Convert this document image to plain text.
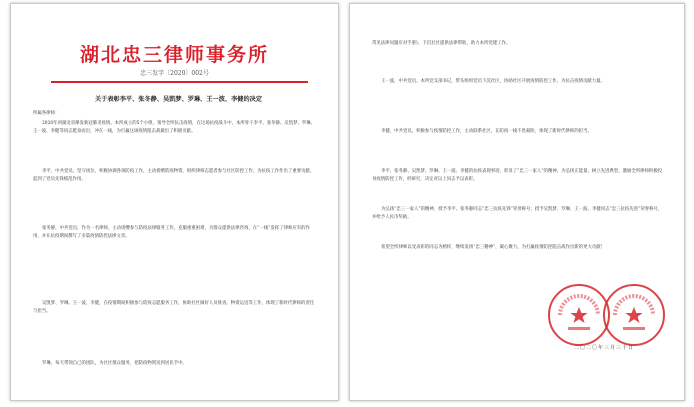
湖北忠三律师事务所
忠三发字〔2020〕002号
关于表彰李平、张冬静、吴凯梦、罗琳、王一波、李健的决定
所属各律师：
2020年初湖北省爆发新冠肺炎疫情。本所成立的5个小组，领导全所抗击疫情，在这场抗疫战斗中，本所骨干李平、张冬静、吴凯梦、罗琳、王一波、李健等同志挺身而出，冲在一线，为打赢这场疫情阻击战做出了积极贡献。
李平，中共党员，坚守岗位，积极协调各项防疫工作，主动捐赠防疫物资，组织律师志愿者参与社区防控工作，为抗疫工作作出了重要贡献，起到了党员先锋模范作用。
张冬静，中共党员，作为一名律师，主动请缨参与防疫法律服务工作，克服重重困难，为群众提供法律咨询，在“一线”发挥了律师应有的作用，并在抗疫期间撰写了多篇疫情防控法律文章。
吴凯梦、罗琳、王一波、李健，在疫情期间积极参与防疫志愿服务工作，协助社区做好人员排查、物资运送等工作，体现了新时代律师的责任与担当。
罗琳，每天带领自己的团队，为社区群众服务，把防疫物资送到居民手中。
常见法律问题应对手册》，下沉社区提供法律帮助，助力本所党建工作。
王一波，中共党员。本所党支部书记，带头组织党员下沉社区，协助社区开展疫情防控工作，为抗击疫情贡献力量。
李健，中共党员，积极参与疫情防控工作，主动联系社区，在防疫一线不畏艰险，体现了新时代律师的担当。
李平、张冬静、吴凯梦、罗琳、王一波、李健的抗疫表现事迹，彰显了“忠三一家人”的精神，为弘扬正能量，树立先进典型，激励全所律师积极投身疫情防控工作，经研究，决定对以上同志予以表彰。
为弘扬“忠三一家人”的精神，授予李平、张冬静同志“忠三抗疫先锋”荣誉称号；授予吴凯梦、罗琳、王一波、李健同志“忠三抗疫先进”荣誉称号，并给予人民币奖励。
希望全所律师以受表彰的同志为榜样，继续发扬“忠三精神”，凝心聚力，为打赢疫情防控阻击战作出新的更大贡献！
二〇二〇年三月三十日
